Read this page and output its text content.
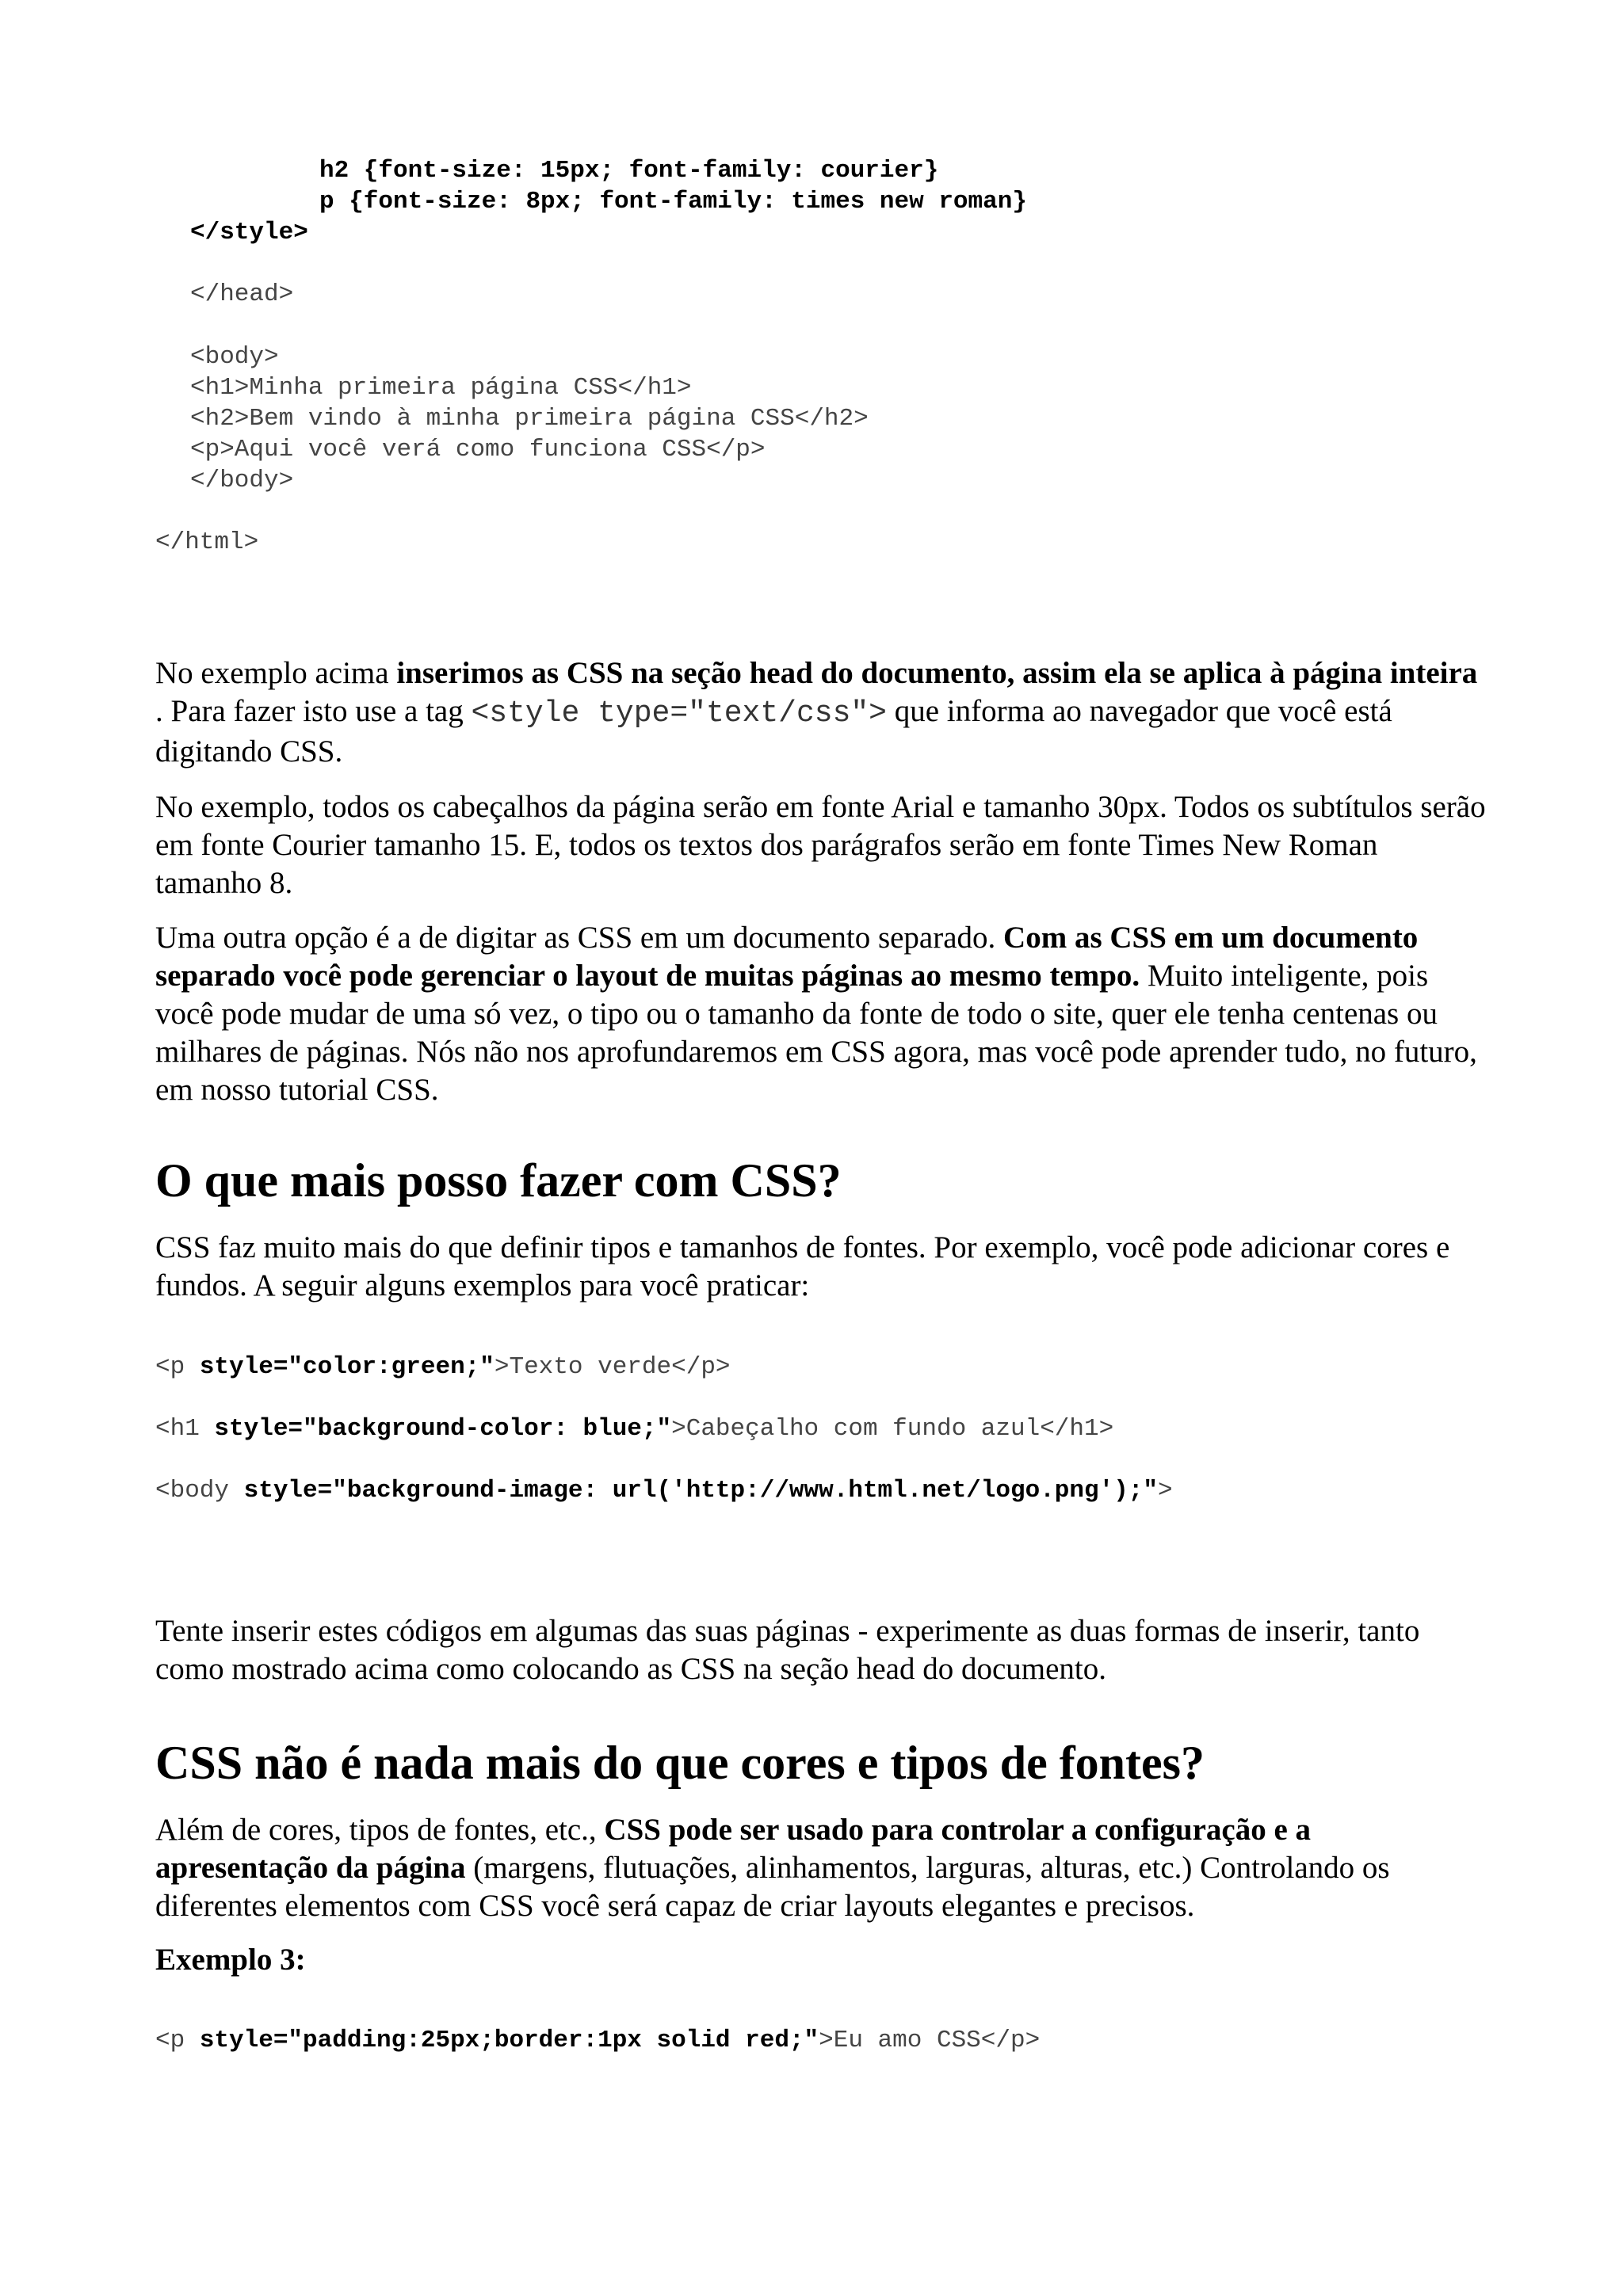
h2 {font-size: 15px; font-family: courier}
p {font-size: 8px; font-family: times new roman}
</style>
</head>
<body>
<h1>Minha primeira página CSS</h1>
<h2>Bem vindo à minha primeira página CSS</h2>
<p>Aqui você verá como funciona CSS</p>
</body>
</html>

No exemplo acima inserimos as CSS na seção head do documento, assim ela se aplica à página inteira . Para fazer isto use a tag <style type="text/css"> que informa ao navegador que você está digitando CSS.

No exemplo, todos os cabeçalhos da página serão em fonte Arial e tamanho 30px. Todos os subtítulos serão em fonte Courier tamanho 15. E, todos os textos dos parágrafos serão em fonte Times New Roman tamanho 8.

Uma outra opção é a de digitar as CSS em um documento separado. Com as CSS em um documento separado você pode gerenciar o layout de muitas páginas ao mesmo tempo. Muito inteligente, pois você pode mudar de uma só vez, o tipo ou o tamanho da fonte de todo o site, quer ele tenha centenas ou milhares de páginas. Nós não nos aprofundaremos em CSS agora, mas você pode aprender tudo, no futuro, em nosso tutorial CSS.

O que mais posso fazer com CSS?

CSS faz muito mais do que definir tipos e tamanhos de fontes. Por exemplo, você pode adicionar cores e fundos. A seguir alguns exemplos para você praticar:

<p style="color:green;">Texto verde</p>
<h1 style="background-color: blue;">Cabeçalho com fundo azul</h1>
<body style="background-image: url('http://www.html.net/logo.png');">

Tente inserir estes códigos em algumas das suas páginas - experimente as duas formas de inserir, tanto como mostrado acima como colocando as CSS na seção head do documento.

CSS não é nada mais do que cores e tipos de fontes?

Além de cores, tipos de fontes, etc., CSS pode ser usado para controlar a configuração e a apresentação da página (margens, flutuações, alinhamentos, larguras, alturas, etc.) Controlando os diferentes elementos com CSS você será capaz de criar layouts elegantes e precisos.

Exemplo 3:
<p style="padding:25px;border:1px solid red;">Eu amo CSS</p>
